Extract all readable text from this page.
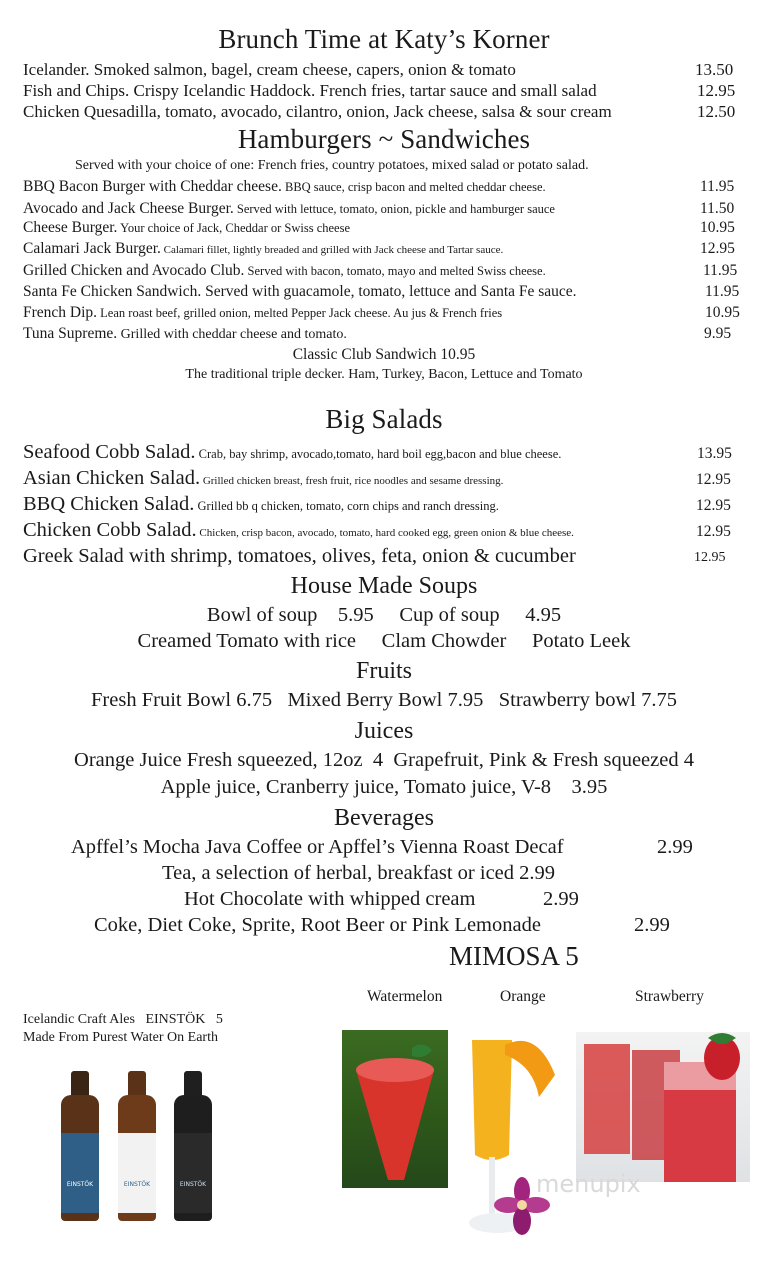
Brunch Time at Katy’s Korner
Icelander. Smoked salmon, bagel, cream cheese, capers, onion & tomato	13.50
Fish and Chips. Crispy Icelandic Haddock. French fries, tartar sauce and small salad	12.95
Chicken Quesadilla, tomato, avocado, cilantro, onion, Jack cheese, salsa & sour cream	12.50
Hamburgers ~ Sandwiches
Served with your choice of one: French fries, country potatoes, mixed salad or potato salad.
BBQ Bacon Burger with Cheddar cheese. BBQ sauce, crisp bacon and melted cheddar cheese.	11.95
Avocado and Jack Cheese Burger. Served with lettuce, tomato, onion, pickle and hamburger sauce	11.50
Cheese Burger. Your choice of Jack, Cheddar or Swiss cheese	10.95
Calamari Jack Burger. Calamari fillet, lightly breaded and grilled with Jack cheese and Tartar sauce.	12.95
Grilled Chicken and Avocado Club. Served with bacon, tomato, mayo and melted Swiss cheese.	11.95
Santa Fe Chicken Sandwich. Served with guacamole, tomato, lettuce and Santa Fe sauce.	11.95
French Dip. Lean roast beef, grilled onion, melted Pepper Jack cheese. Au jus & French fries	10.95
Tuna Supreme. Grilled with cheddar cheese and tomato.	9.95
Classic Club Sandwich 10.95
The traditional triple decker. Ham, Turkey, Bacon, Lettuce and Tomato
Big Salads
Seafood Cobb Salad. Crab, bay shrimp, avocado,tomato, hard boil egg,bacon and blue cheese.	13.95
Asian Chicken Salad. Grilled chicken breast, fresh fruit, rice noodles and sesame dressing.	12.95
BBQ Chicken Salad. Grilled bb q chicken, tomato, corn chips and ranch dressing.	12.95
Chicken Cobb Salad. Chicken, crisp bacon, avocado, tomato, hard cooked egg, green onion & blue cheese.	12.95
Greek Salad with shrimp, tomatoes, olives, feta, onion & cucumber	12.95
House Made Soups
Bowl of soup    5.95     Cup of soup     4.95
Creamed Tomato with rice     Clam Chowder     Potato Leek
Fruits
Fresh Fruit Bowl 6.75   Mixed Berry Bowl 7.95   Strawberry bowl 7.75
Juices
Orange Juice Fresh squeezed, 12oz  4  Grapefruit, Pink & Fresh squeezed 4
Apple juice, Cranberry juice, Tomato juice, V-8    3.95
Beverages
Apffel’s Mocha Java Coffee or Apffel’s Vienna Roast Decaf	2.99
Tea, a selection of herbal, breakfast or iced 2.99
Hot Chocolate with whipped cream	2.99
Coke, Diet Coke, Sprite, Root Beer or Pink Lemonade	2.99
MIMOSA 5
Watermelon	Orange	Strawberry
Icelandic Craft Ales   EINSTÖK   5
Made From Purest Water On Earth
EINSTÖK	EINSTÖK	EINSTÖK	menupix
